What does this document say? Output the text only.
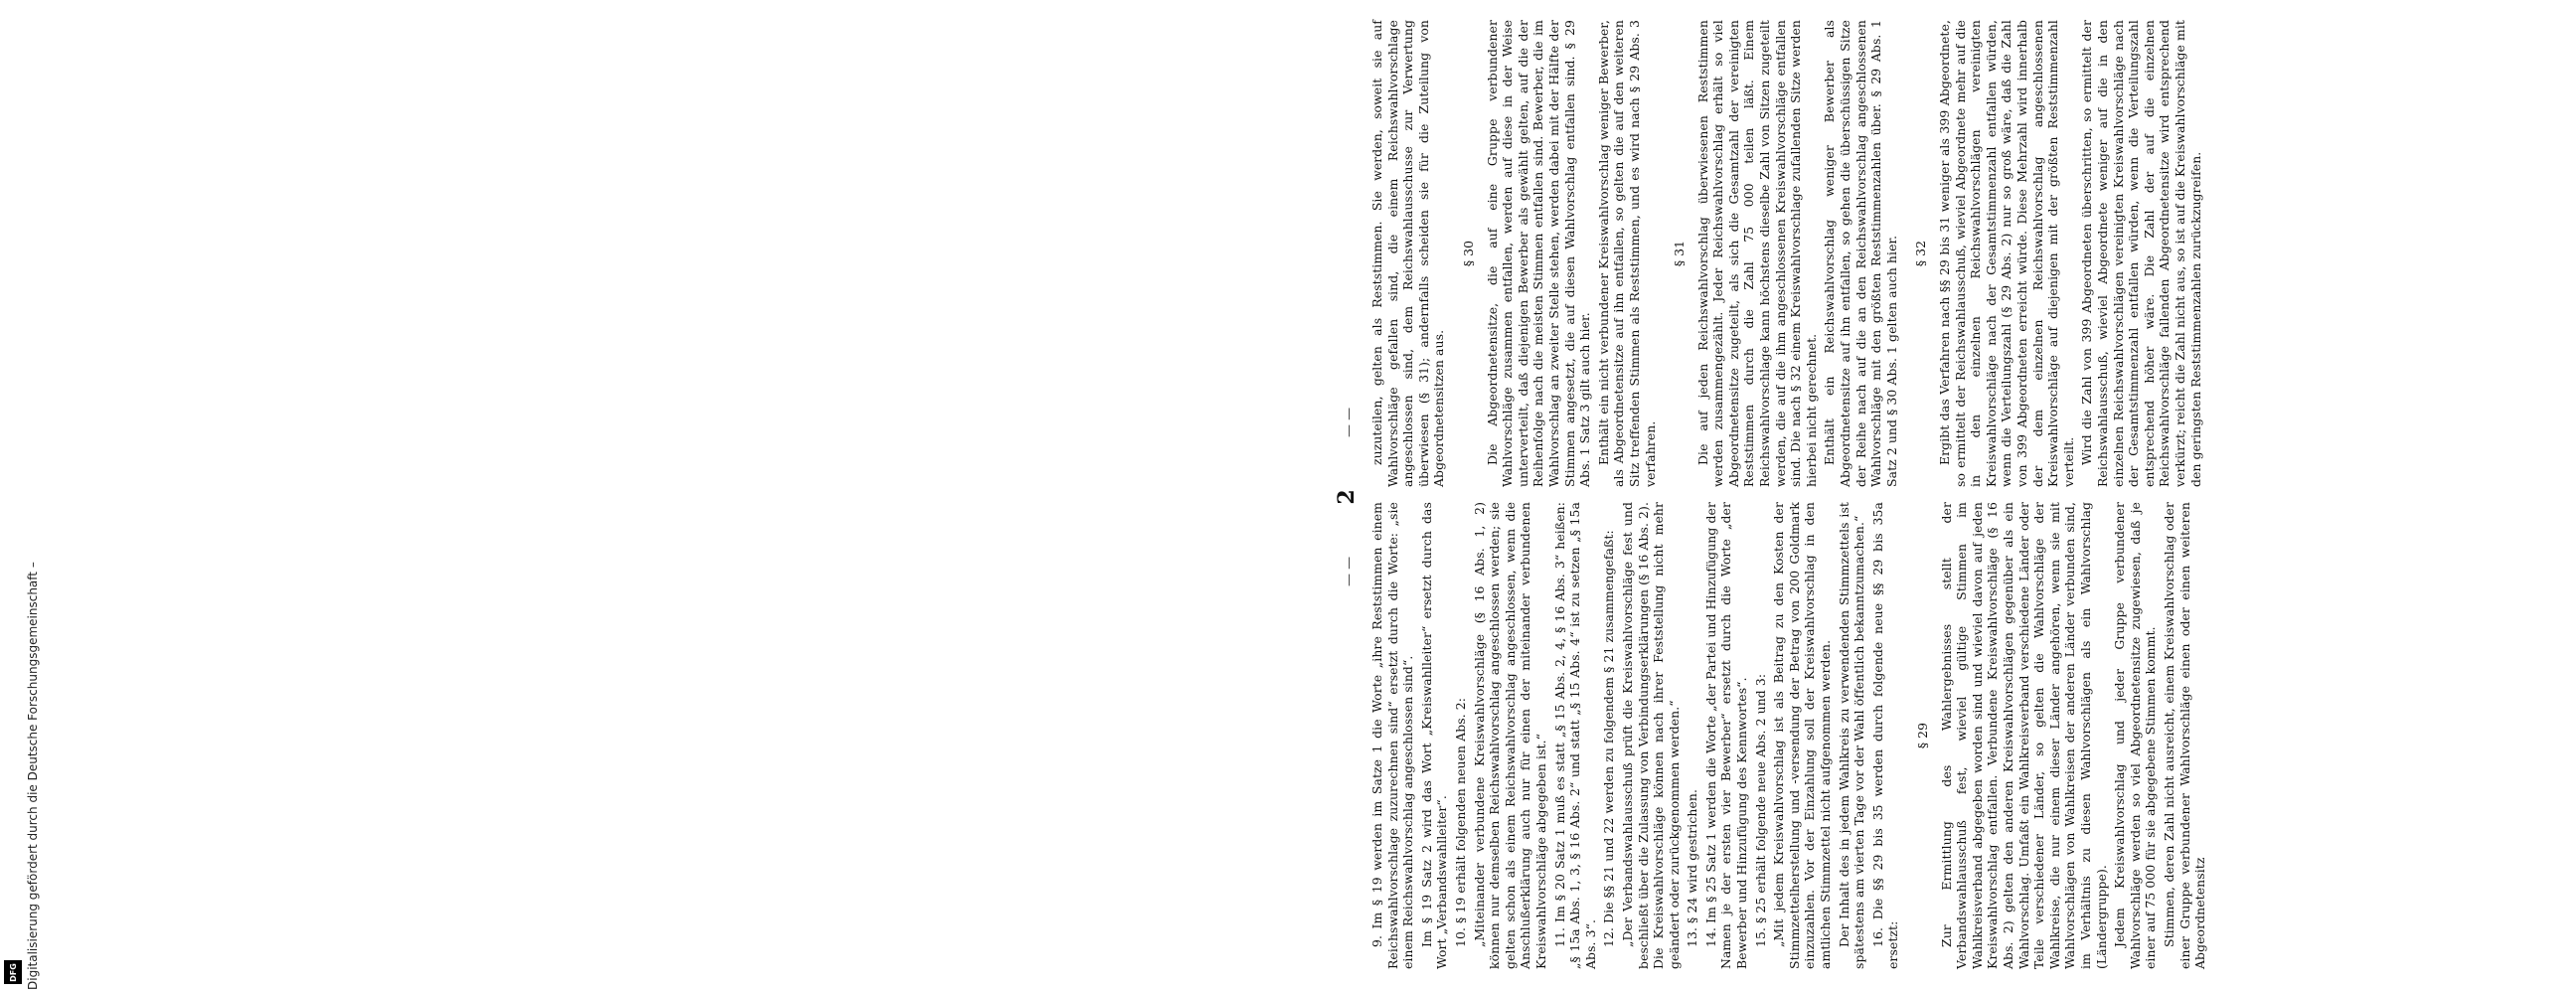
Digitalisierung gefördert durch die Deutsche Forschungsgemeinschaft –
DFG
— —
2
— —

9. Im § 19 werden im Satze 1 die Worte „ihre Reststimmen einem Reichswahlvorschlage zuzurechnen sind“ ersetzt durch die Worte: „sie einem Reichswahlvorschlag angeschlossen sind“. Im § 19 Satz 2 wird das Wort „Kreiswahlleiter“ ersetzt durch das Wort „Verbandswahlleiter“. 10. § 19 erhält folgenden neuen Abs. 2: „Miteinander verbundene Kreiswahlvorschläge (§ 16 Abs. 1, 2) können nur demselben Reichswahlvorschlag angeschlossen werden; sie gelten schon als einem Reichswahlvorschlag angeschlossen, wenn die Anschlußerklärung auch nur für einen der miteinander verbundenen Kreiswahlvorschläge abgegeben ist.“ 11. Im § 20 Satz 1 muß es statt „§ 15 Abs. 2, 4, § 16 Abs. 3“ heißen: „§ 15a Abs. 1, 3, § 16 Abs. 2“ und statt „§ 15 Abs. 4“ ist zu setzen „§ 15a Abs. 3“. 12. Die §§ 21 und 22 werden zu folgendem § 21 zusammengefaßt: „Der Verbandswahlausschuß prüft die Kreiswahlvorschläge fest und beschließt über die Zulassung von Verbindungserklärungen (§ 16 Abs. 2). Die Kreiswahlvorschläge können nach ihrer Feststellung nicht mehr geändert oder zurückgenommen werden.“ 13. § 24 wird gestrichen. 14. Im § 25 Satz 1 werden die Worte „der Partei und Hinzufügung der Namen je der ersten vier Bewerber“ ersetzt durch die Worte „der Bewerber und Hinzufügung des Kennwortes“. 15. § 25 erhält folgende neue Abs. 2 und 3: „Mit jedem Kreiswahlvorschlag ist als Beitrag zu den Kosten der Stimmzettelherstellung und -versendung der Betrag von 200 Goldmark einzuzahlen. Vor der Einzahlung soll der Kreiswahlvorschlag in den amtlichen Stimmzettel nicht aufgenommen werden. Der Inhalt des in jedem Wahlkreis zu verwendenden Stimmzettels ist spätestens am vierten Tage vor der Wahl öffentlich bekanntzumachen.“ 16. Die §§ 29 bis 35 werden durch folgende neue §§ 29 bis 35a ersetzt:

§ 29 Zur Ermittlung des Wahlergebnisses stellt der Verbandswahlausschuß fest, wieviel gültige Stimmen im Wahlkreisverband abgegeben worden sind und wieviel davon auf jeden Kreiswahlvorschlag entfallen. Verbundene Kreiswahlvorschläge (§ 16 Abs. 2) gelten den anderen Kreiswahlvorschlägen gegenüber als ein Wahlvorschlag. Umfaßt ein Wahlkreisverband verschiedene Länder oder Teile verschiedener Länder, so gelten die Wahlvorschläge der Wahlkreise, die nur einem dieser Länder angehören, wenn sie mit Wahlvorschlägen von Wahlkreisen der anderen Länder verbunden sind, im Verhältnis zu diesen Wahlvorschlägen als ein Wahlvorschlag (Ländergruppe). Jedem Kreiswahlvorschlag und jeder Gruppe verbundener Wahlvorschläge werden so viel Abgeordnetensitze zugewiesen, daß je einer auf 75 000 für sie abgegebene Stimmen kommt. Stimmen, deren Zahl nicht ausreicht, einem Kreiswahlvorschlag oder einer Gruppe verbundener Wahlvorschläge einen oder einen weiteren Abgeordnetensitz

zuzuteilen, gelten als Reststimmen. Sie werden, soweit sie auf Wahlvorschläge gefallen sind, die einem Reichswahlvorschlage angeschlossen sind, dem Reichswahlausschusse zur Verwertung überwiesen (§ 31); andernfalls scheiden sie für die Zuteilung von Abgeordnetensitzen aus.

§ 30 Die Abgeordnetensitze, die auf eine Gruppe verbundener Wahlvorschläge zusammen entfallen, werden auf diese in der Weise unterverteilt, daß diejenigen Bewerber als gewählt gelten, auf die der Reihenfolge nach die meisten Stimmen entfallen sind. Bewerber, die im Wahlvorschlag an zweiter Stelle stehen, werden dabei mit der Hälfte der Stimmen angesetzt, die auf diesen Wahlvorschlag entfallen sind. § 29 Abs. 1 Satz 3 gilt auch hier. Enthält ein nicht verbundener Kreiswahlvorschlag weniger Bewerber, als Abgeordnetensitze auf ihn entfallen, so gelten die auf den weiteren Sitz treffenden Stimmen als Reststimmen, und es wird nach § 29 Abs. 3 verfahren.

§ 31 Die auf jeden Reichswahlvorschlag überwiesenen Reststimmen werden zusammengezählt. Jeder Reichswahlvorschlag erhält so viel Abgeordnetensitze zugeteilt, als sich die Gesamtzahl der vereinigten Reststimmen durch die Zahl 75 000 teilen läßt. Einem Reichswahlvorschlage kann höchstens dieselbe Zahl von Sitzen zugeteilt werden, die auf die ihm angeschlossenen Kreiswahlvorschläge entfallen sind. Die nach § 32 einem Kreiswahlvorschlage zufallenden Sitze werden hierbei nicht gerechnet. Enthält ein Reichswahlvorschlag weniger Bewerber als Abgeordnetensitze auf ihn entfallen, so gehen die überschüssigen Sitze der Reihe nach auf die an den Reichswahlvorschlag angeschlossenen Wahlvorschläge mit den größten Reststimmenzahlen über. § 29 Abs. 1 Satz 2 und § 30 Abs. 1 gelten auch hier. § 32 Ergibt das Verfahren nach §§ 29 bis 31 weniger als 399 Abgeordnete, so ermittelt der Reichswahlausschuß, wieviel Abgeordnete mehr auf die in den einzelnen Reichswahlvorschlägen vereinigten Kreiswahlvorschläge nach der Gesamtstimmenzahl entfallen würden, wenn die Verteilungszahl (§ 29 Abs. 2) nur so groß wäre, daß die Zahl von 399 Abgeordneten erreicht würde. Diese Mehrzahl wird innerhalb der dem einzelnen Reichswahlvorschlag angeschlossenen Kreiswahlvorschläge auf diejenigen mit der größten Reststimmenzahl verteilt. Wird die Zahl von 399 Abgeordneten überschritten, so ermittelt der Reichswahlausschuß, wieviel Abgeordnete weniger auf die in den einzelnen Reichswahlvorschlägen vereinigten Kreiswahlvorschläge nach der Gesamtstimmenzahl entfallen würden, wenn die Verteilungszahl entsprechend höher wäre. Die Zahl der auf die einzelnen Reichswahlvorschläge fallenden Abgeordnetensitze wird entsprechend verkürzt; reicht die Zahl nicht aus, so ist auf die Kreiswahlvorschläge mit den geringsten Reststimmenzahlen zurückzugreifen.
